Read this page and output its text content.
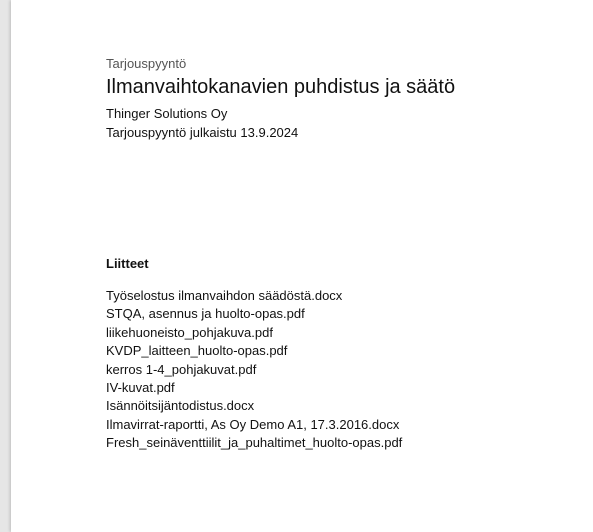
Tarjouspyyntö
Ilmanvaihtokanavien puhdistus ja säätö
Thinger Solutions Oy
Tarjouspyyntö julkaistu 13.9.2024
Liitteet
Työselostus ilmanvaihdon säädöstä.docx
STQA, asennus ja huolto-opas.pdf
liikehuoneisto_pohjakuva.pdf
KVDP_laitteen_huolto-opas.pdf
kerros 1-4_pohjakuvat.pdf
IV-kuvat.pdf
Isännöitsijäntodistus.docx
Ilmavirrat-raportti, As Oy Demo A1, 17.3.2016.docx
Fresh_seinäventtiilit_ja_puhaltimet_huolto-opas.pdf
